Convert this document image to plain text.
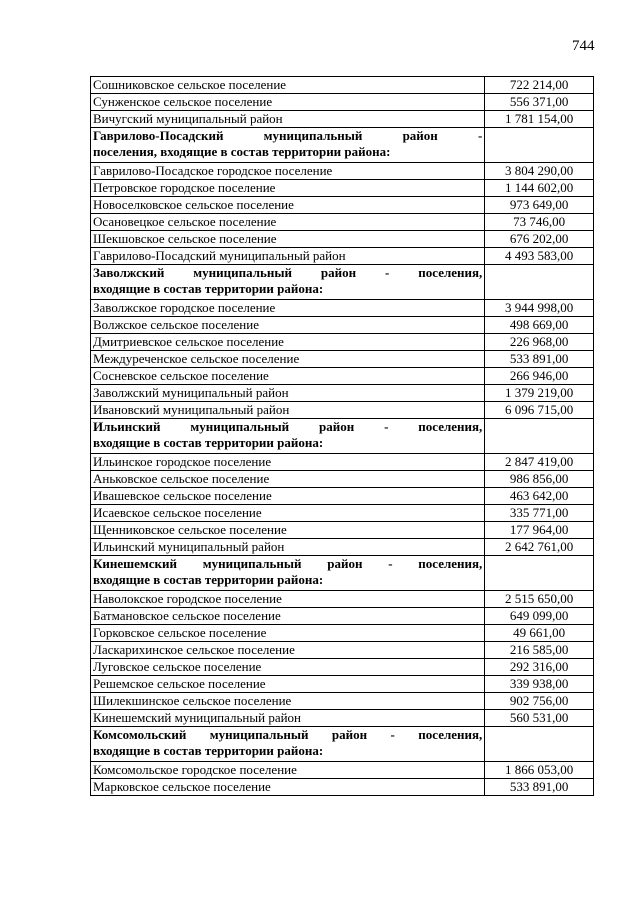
744
Сошниковское сельское поселение	722 214,00
Сунженское сельское поселение	556 371,00
Вичугский муниципальный район	1 781 154,00

Гаврилово-Посадский муниципальный район -
поселения, входящие в состав территории района:	

Гаврилово-Посадское городское поселение	3 804 290,00
Петровское городское поселение	1 144 602,00
Новоселковское сельское поселение	973 649,00
Осановецкое сельское поселение	73 746,00
Шекшовское сельское поселение	676 202,00
Гаврилово-Посадский муниципальный район	4 493 583,00

Заволжский муниципальный район - поселения,
входящие в состав территории района:	

Заволжское городское поселение	3 944 998,00
Волжское сельское поселение	498 669,00
Дмитриевское сельское поселение	226 968,00
Междуреченское сельское поселение	533 891,00
Сосневское сельское поселение	266 946,00
Заволжский муниципальный район	1 379 219,00
Ивановский муниципальный район	6 096 715,00

Ильинский муниципальный район - поселения,
входящие в состав территории района:	

Ильинское городское поселение	2 847 419,00
Аньковское сельское поселение	986 856,00
Ивашевское сельское поселение	463 642,00
Исаевское сельское поселение	335 771,00
Щенниковское сельское поселение	177 964,00
Ильинский муниципальный район	2 642 761,00

Кинешемский муниципальный район - поселения,
входящие в состав территории района:	

Наволокское городское поселение	2 515 650,00
Батмановское сельское поселение	649 099,00
Горковское сельское поселение	49 661,00
Ласкарихинское сельское поселение	216 585,00
Луговское сельское поселение	292 316,00
Решемское сельское поселение	339 938,00
Шилекшинское сельское поселение	902 756,00
Кинешемский муниципальный район	560 531,00

Комсомольский муниципальный район - поселения,
входящие в состав территории района:	

Комсомольское городское поселение	1 866 053,00
Марковское сельское поселение	533 891,00
